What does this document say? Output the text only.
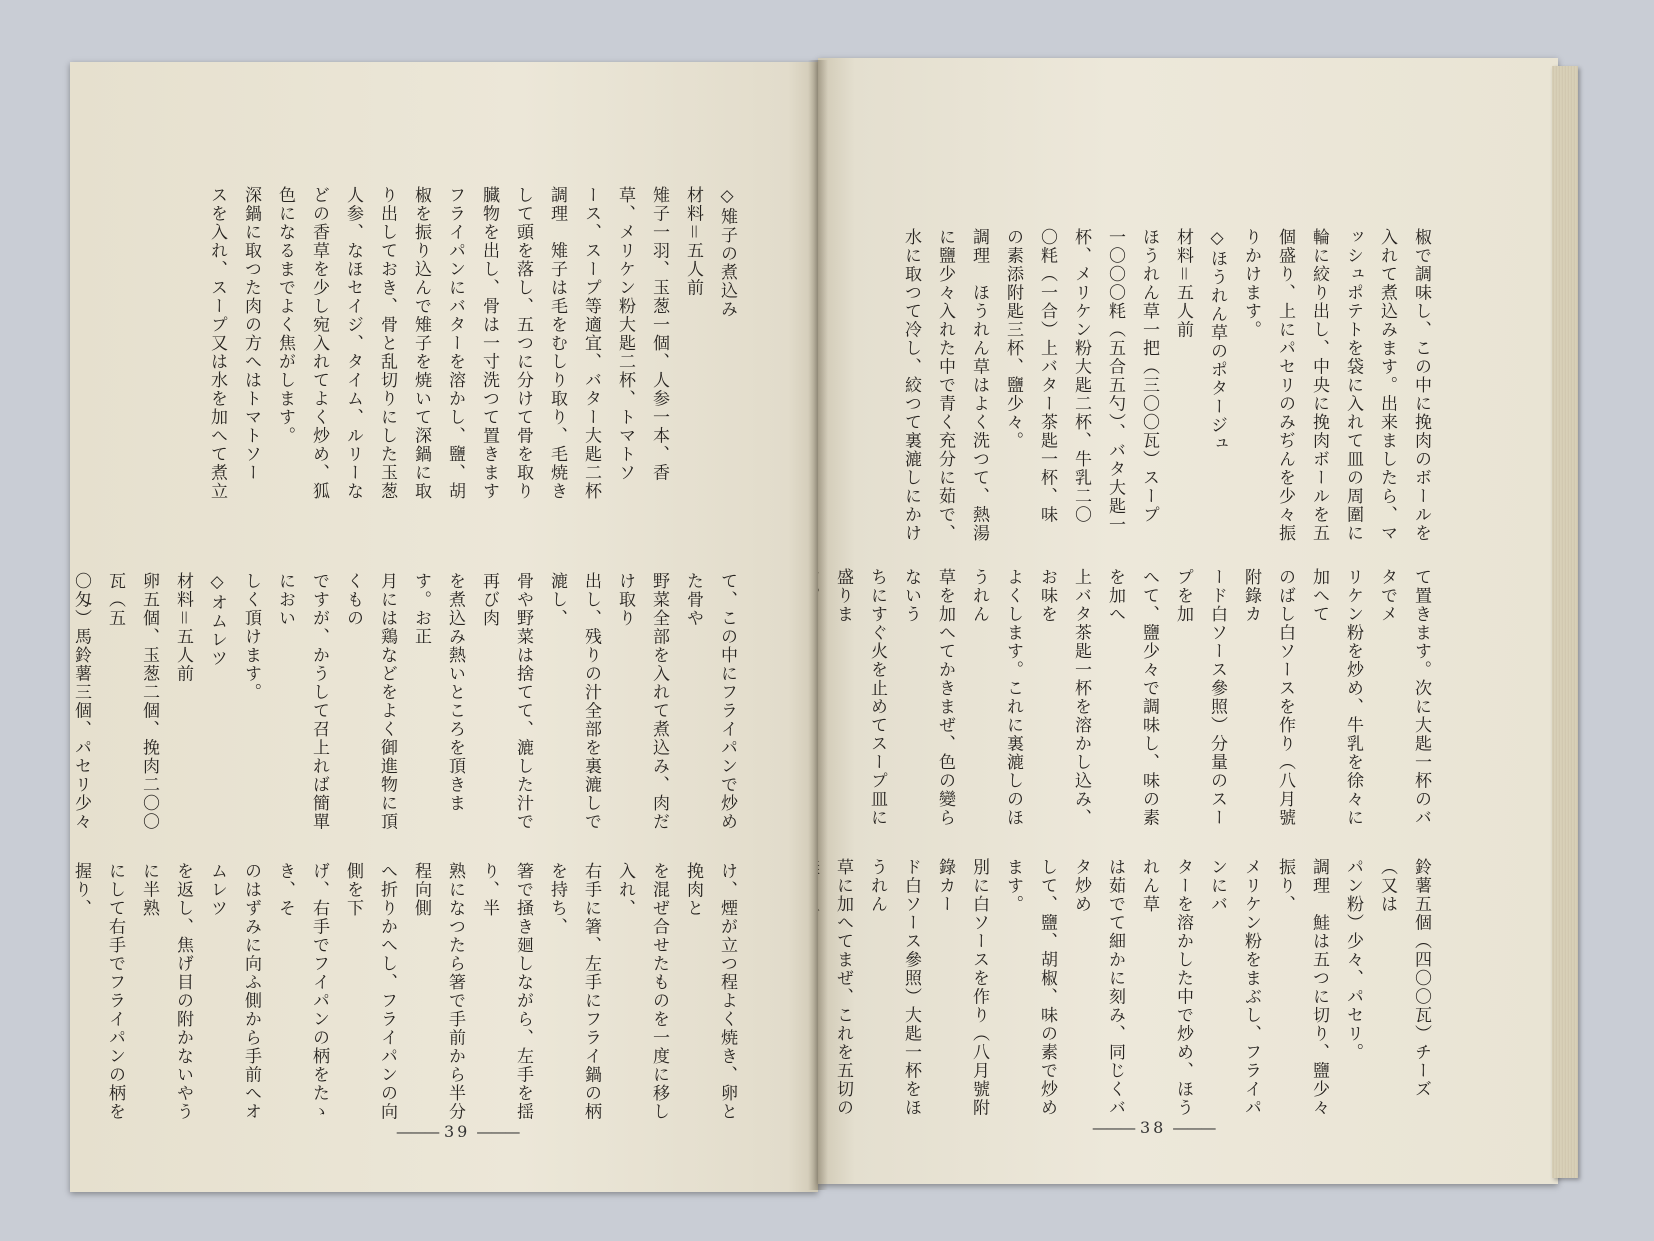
◇雉子の煮込み
材料＝五人前
雉子一羽、玉葱一個、人参一本、香
草、メリケン粉大匙二杯、トマトソ
ース、スープ等適宜、バター大匙二杯
調理　雉子は毛をむしり取り、毛焼き
して頭を落し、五つに分けて骨を取り
臓物を出し、骨は一寸洗つて置きます
フライパンにバターを溶かし、鹽、胡
椒を振り込んで雉子を焼いて深鍋に取
り出しておき、骨と乱切りにした玉葱
人参、なほセイジ、タイム、ルリーな
どの香草を少し宛入れてよく炒め、狐
色になるまでよく焦がします。
深鍋に取つた肉の方へはトマトソー
スを入れ、スープ又は水を加へて煮立
て、この中にフライパンで炒めた骨や
野菜全部を入れて煮込み、肉だけ取り
出し、残りの汁全部を裏漉しで漉し、
骨や野菜は捨てて、漉した汁で再び肉
を煮込み熱いところを頂きます。お正
月には鶏などをよく御進物に頂くもの
ですが、かうして召上れば簡單におい
しく頂けます。
◇オムレツ
材料＝五人前
卵五個、玉葱二個、挽肉二〇〇瓦（五
〇匁）馬鈴薯三個、パセリ少々

け、煙が立つ程よく焼き、卵と挽肉と
を混ぜ合せたものを一度に移し入れ、
右手に箸、左手にフライ鍋の柄を持ち、
箸で掻き廻しながら、左手を揺り、半
熟になつたら箸で手前から半分程向側
へ折りかへし、フライパンの向側を下
げ、右手でフイパンの柄をたゝき、そ
のはずみに向ふ側から手前へオムレツ
を返し、焦げ目の附かないやうに半熟
にして右手でフライパンの柄を握り、

——— 39 ———
椒で調味し、この中に挽肉のボールを
入れて煮込みます。出来ましたら、マ
ッシュポテトを袋に入れて皿の周圍に
輪に絞り出し、中央に挽肉ボールを五
個盛り、上にパセリのみぢんを少々振
りかけます。
◇ほうれん草のポタージュ
材料＝五人前
ほうれん草一把（三〇〇瓦）スープ
一〇〇〇粍（五合五勺）、バタ大匙一
杯、メリケン粉大匙二杯、牛乳二〇
〇粍（一合）上バター茶匙一杯、味
の素添附匙三杯、鹽少々。
調理　ほうれん草はよく洗つて、熱湯
に鹽少々入れた中で青く充分に茹で、
水に取つて冷し、絞つて裏漉しにかけ
て置きます。次に大匙一杯のバタでメ
リケン粉を炒め、牛乳を徐々に加へて
のばし白ソースを作り（八月號附錄カ
ード白ソース參照）分量のスープを加
へて、鹽少々で調味し、味の素を加へ
上バタ茶匙一杯を溶かし込み、お味を
よくします。これに裏漉しのほうれん
草を加へてかきまぜ、色の變らないう
ちにすぐ火を止めてスープ皿に盛りま

鈴薯五個（四〇〇瓦）チーズ（又は
パン粉）少々、パセリ。
調理　鮭は五つに切り、鹽少々振り、
メリケン粉をまぶし、フライパンにバ
ターを溶かした中で炒め、ほうれん草
は茹でて細かに刻み、同じくバタ炒め
して、鹽、胡椒、味の素で炒めます。
別に白ソースを作り（八月號附錄カー
ド白ソース參照）大匙一杯をほうれん
草に加へてまぜ、これを五切の

——— 38 ———
